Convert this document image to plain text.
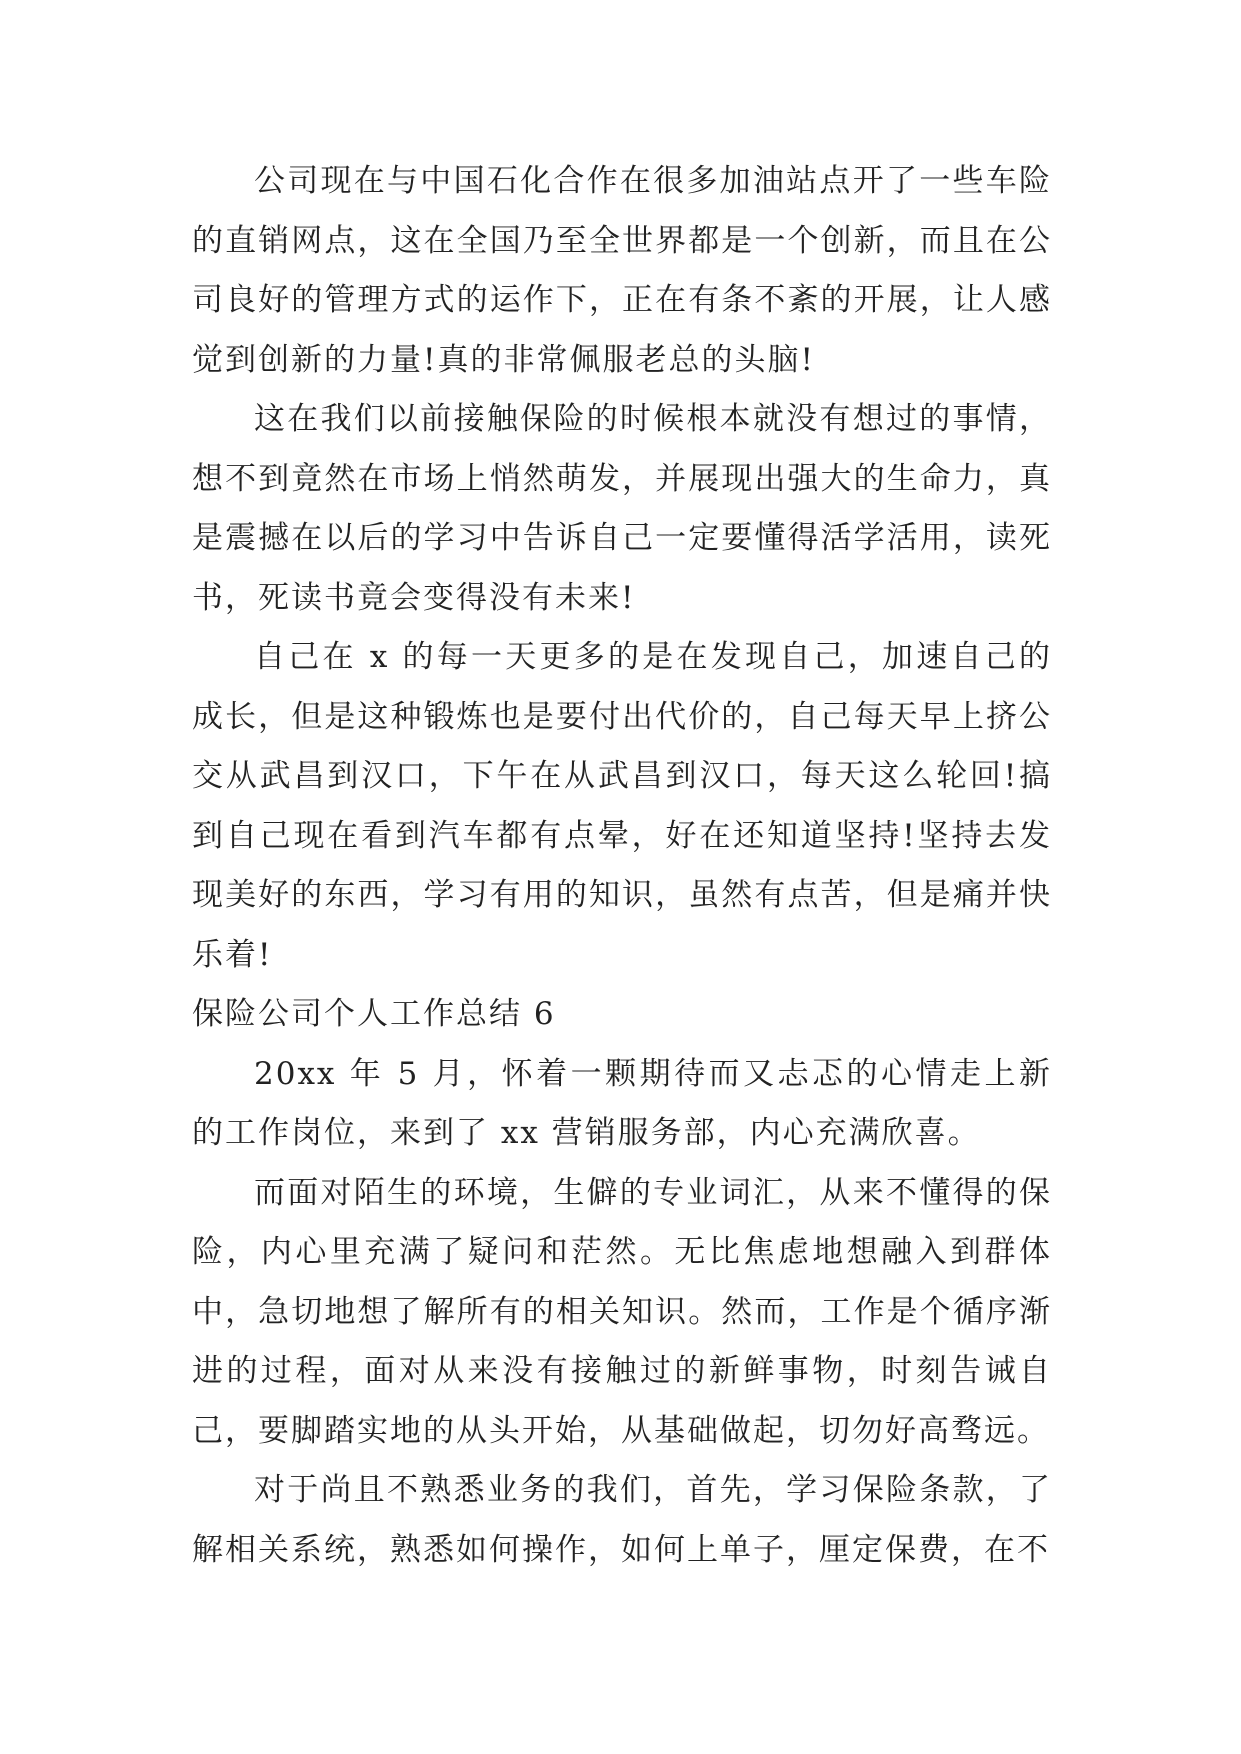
公司现在与中国石化合作在很多加油站点开了一些车险的直销网点，这在全国乃至全世界都是一个创新，而且在公司良好的管理方式的运作下，正在有条不紊的开展，让人感觉到创新的力量!真的非常佩服老总的头脑!

这在我们以前接触保险的时候根本就没有想过的事情，想不到竟然在市场上悄然萌发，并展现出强大的生命力，真是震撼在以后的学习中告诉自己一定要懂得活学活用，读死书，死读书竟会变得没有未来!

自己在 x 的每一天更多的是在发现自己，加速自己的成长，但是这种锻炼也是要付出代价的，自己每天早上挤公交从武昌到汉口，下午在从武昌到汉口，每天这么轮回!搞到自己现在看到汽车都有点晕，好在还知道坚持!坚持去发现美好的东西，学习有用的知识，虽然有点苦，但是痛并快乐着!

保险公司个人工作总结 6

20xx 年 5 月，怀着一颗期待而又忐忑的心情走上新的工作岗位，来到了 xx 营销服务部，内心充满欣喜。

而面对陌生的环境，生僻的专业词汇，从来不懂得的保险，内心里充满了疑问和茫然。无比焦虑地想融入到群体中，急切地想了解所有的相关知识。然而，工作是个循序渐进的过程，面对从来没有接触过的新鲜事物，时刻告诫自己，要脚踏实地的从头开始，从基础做起，切勿好高骛远。

对于尚且不熟悉业务的我们，首先，学习保险条款，了解相关系统，熟悉如何操作，如何上单子，厘定保费，在不
